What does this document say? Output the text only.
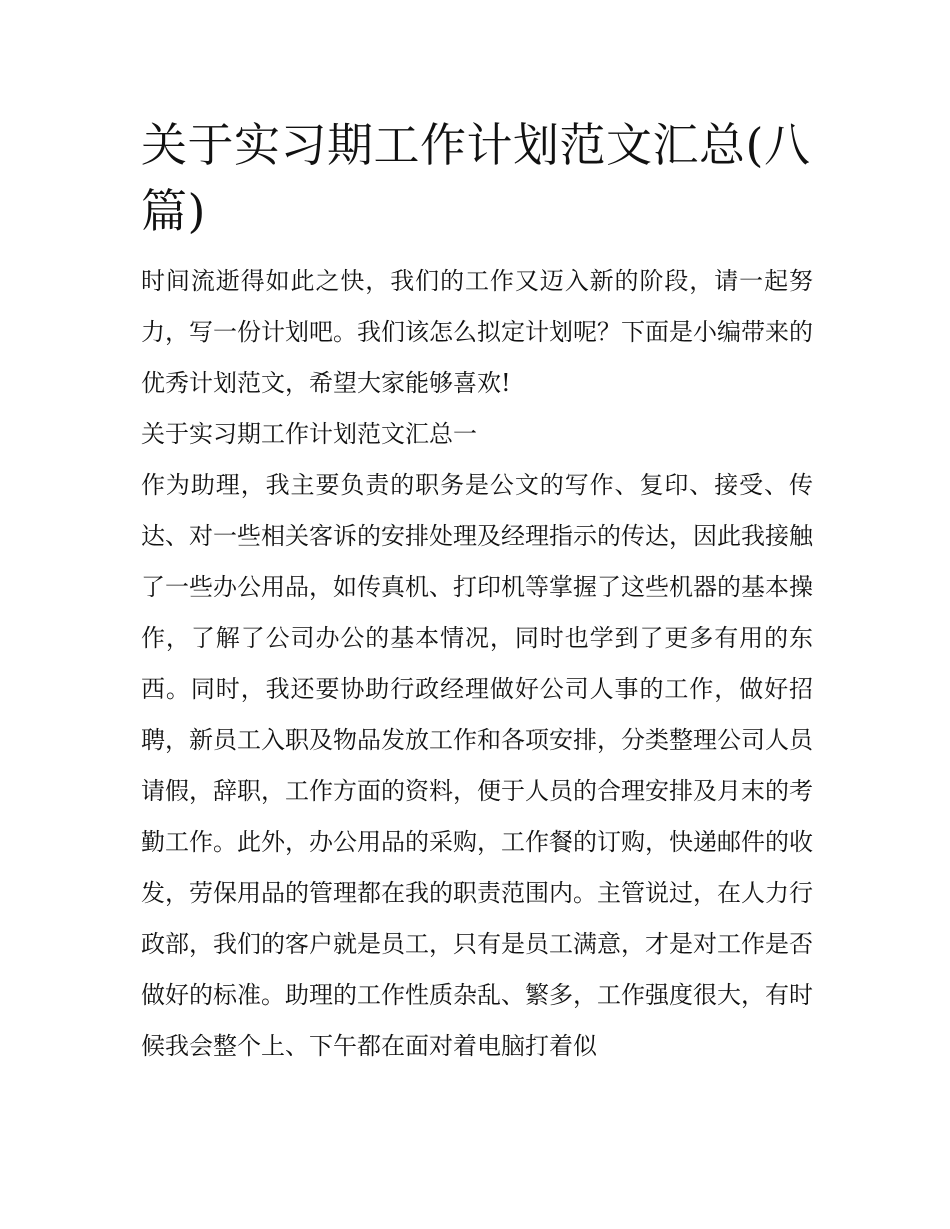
关于实习期工作计划范文汇总(八篇)

时间流逝得如此之快，我们的工作又迈入新的阶段，请一起努力，写一份计划吧。我们该怎么拟定计划呢？下面是小编带来的优秀计划范文，希望大家能够喜欢!

关于实习期工作计划范文汇总一

作为助理，我主要负责的职务是公文的写作、复印、接受、传达、对一些相关客诉的安排处理及经理指示的传达，因此我接触了一些办公用品，如传真机、打印机等掌握了这些机器的基本操作，了解了公司办公的基本情况，同时也学到了更多有用的东西。同时，我还要协助行政经理做好公司人事的工作，做好招聘，新员工入职及物品发放工作和各项安排，分类整理公司人员请假，辞职，工作方面的资料，便于人员的合理安排及月末的考勤工作。此外，办公用品的采购，工作餐的订购，快递邮件的收发，劳保用品的管理都在我的职责范围内。主管说过，在人力行政部，我们的客户就是员工，只有是员工满意，才是对工作是否做好的标准。助理的工作性质杂乱、繁多，工作强度很大，有时候我会整个上、下午都在面对着电脑打着似
